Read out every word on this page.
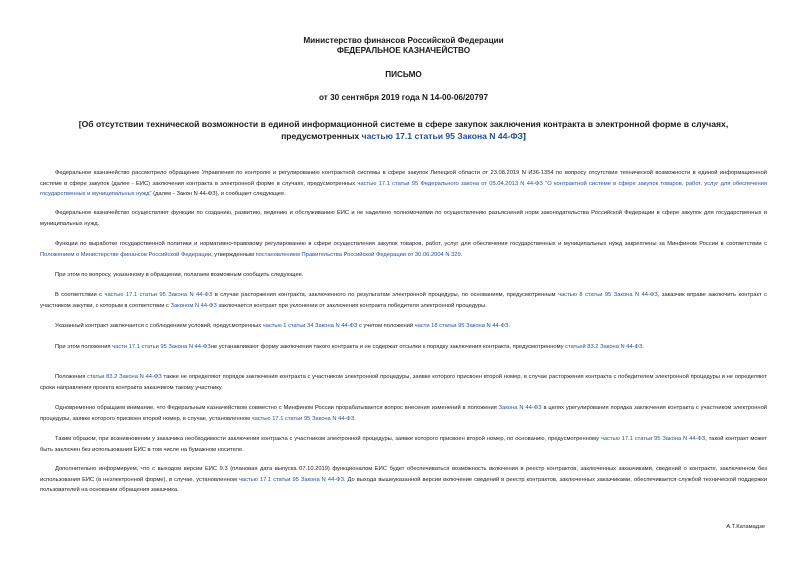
Министерство финансов Российской Федерации
ФЕДЕРАЛЬНОЕ КАЗНАЧЕЙСТВО
ПИСЬМО
от 30 сентября 2019 года N 14-00-06/20797
[Об отсутствии технической возможности в единой информационной системе в сфере закупок заключения контракта в электронной форме в случаях, предусмотренных частью 17.1 статьи 95 Закона N 44-ФЗ]

Федеральное казначейство рассмотрело обращение Управления по контролю и регулированию контрактной системы в сфере закупок Липецкой области от 23.08.2019 N И36-1354 по вопросу отсутствия технической возможности в единой информационной системе в сфере закупок (далее - ЕИС) заключения контракта в электронной форме в случаях, предусмотренных частью 17.1 статьи 95 Федерального закона от 05.04.2013 N 44-ФЗ "О контрактной системе в сфере закупок товаров, работ, услуг для обеспечения государственных и муниципальных нужд" (далее - Закон N 44-ФЗ), и сообщает следующее.

Федеральное казначейство осуществляет функции по созданию, развитию, ведению и обслуживанию ЕИС и не наделено полномочиями по осуществлению разъяснений норм законодательства Российской Федерации в сфере закупок для государственных и муниципальных нужд.

Функции по выработке государственной политики и нормативно-правовому регулированию в сфере осуществления закупок товаров, работ, услуг для обеспечения государственных и муниципальных нужд закреплены за Минфином России в соответствии с Положением о Министерстве финансов Российской Федерации, утвержденным постановлением Правительства Российской Федерации от 30.06.2004 N 329.

При этом по вопросу, указанному в обращении, полагаем возможным сообщить следующее.

В соответствии с частью 17.1 статьи 95 Закона N 44-ФЗ в случае расторжения контракта, заключенного по результатам электронной процедуры, по основаниям, предусмотренным частью 8 статьи 95 Закона N 44-ФЗ, заказчик вправе заключить контракт с участником закупки, с которым в соответствии с Законом N 44-ФЗ заключается контракт при уклонении от заключения контракта победителя электронной процедуры.

Указанный контракт заключается с соблюдением условий, предусмотренных частью 1 статьи 34 Закона N 44-ФЗ с учетом положений части 18 статьи 95 Закона N 44-ФЗ.

При этом положения части 17.1 статьи 95 Закона N 44-ФЗне устанавливают форму заключения такого контракта и не содержат отсылки к порядку заключения контракта, предусмотренному статьей 83.2 Закона N 44-ФЗ.

Положения статьи 83.2 Закона N 44-ФЗ также не определяют порядок заключения контракта с участником электронной процедуры, заявке которого присвоен второй номер, в случае расторжения контракта с победителем электронной процедуры и не определяют сроки направления проекта контракта заказчиком такому участнику.

Одновременно обращаем внимание, что Федеральным казначейством совместно с Минфином России прорабатывается вопрос внесения изменений в положения Закона N 44-ФЗ в целях урегулирования порядка заключения контракта с участником электронной процедуры, заявке которого присвоен второй номер, в случае, установленном частью 17.1 статьи 95 Закона N 44-ФЗ.

Таким образом, при возникновении у заказчика необходимости заключения контракта с участником электронной процедуры, заявке которого присвоен второй номер, по основанию, предусмотренному частью 17.1 статьи 95 Закона N 44-ФЗ, такой контракт может быть заключен без использования ЕИС в том числе на бумажном носителе.

Дополнительно информируем, что с выходом версии ЕИС 9.3 (плановая дата выпуска 07.10.2019) функционалом ЕИС будет обеспечиваться возможность включения в реестр контрактов, заключенных заказчиками, сведений о контракте, заключенном без использования ЕИС (в неэлектронной форме), в случае, установленном частью 17.1 статьи 95 Закона N 44-ФЗ. До выхода вышеуказанной версии включение сведений в реестр контрактов, заключенных заказчиками, обеспечивается службой технической поддержки пользователей на основании обращения заказчика.

А.Т.Катамадзе
